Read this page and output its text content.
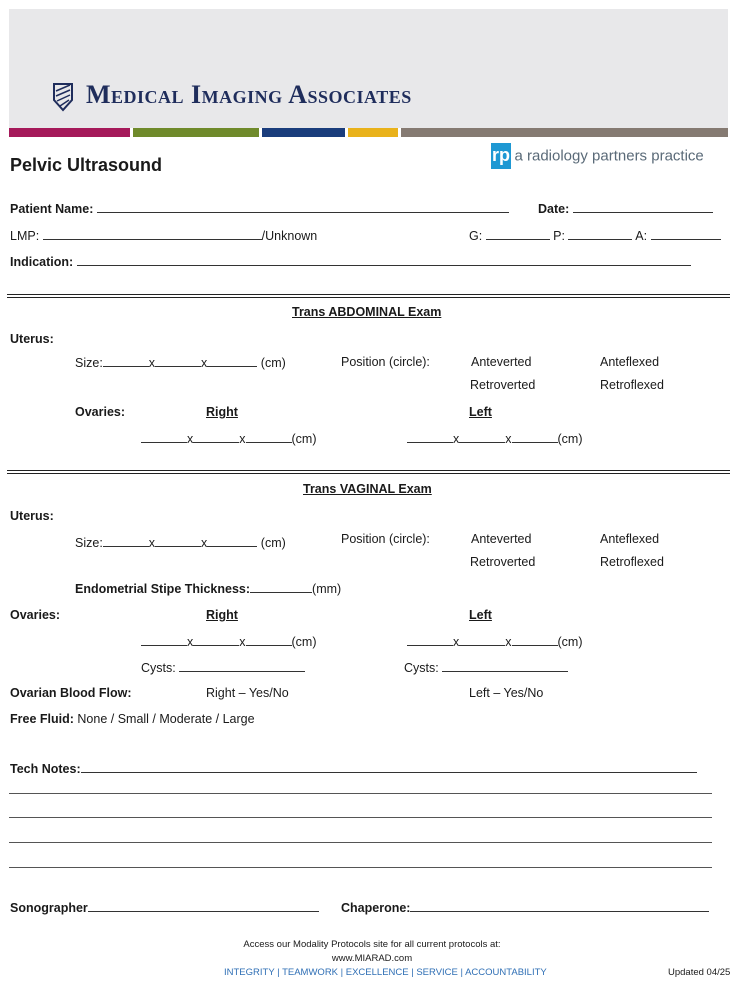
Medical Imaging Associates
rp a radiology partners practice
Pelvic Ultrasound
Patient Name:	Date:
LMP:	/Unknown	G:	P:	A:
Indication:
Trans ABDOMINAL Exam
Uterus:
Size:	x	x	(cm)	Position (circle):	Anteverted	Anteflexed
Retroverted	Retroflexed
Ovaries:	Right	Left
x	x	(cm)	x	x	(cm)
Trans VAGINAL Exam
Uterus:
Size:	x	x	(cm)	Position (circle):	Anteverted	Anteflexed
Retroverted	Retroflexed
Endometrial Stipe Thickness:	(mm)
Ovaries:	Right	Left
x	x	(cm)	x	x	(cm)
Cysts:	Cysts:
Ovarian Blood Flow:	Right – Yes/No	Left – Yes/No
Free Fluid: None / Small / Moderate / Large
Tech Notes:
Sonographer	Chaperone:
Access our Modality Protocols site for all current protocols at:
www.MIARAD.com
INTEGRITY | TEAMWORK | EXCELLENCE | SERVICE | ACCOUNTABILITY	Updated 04/25
